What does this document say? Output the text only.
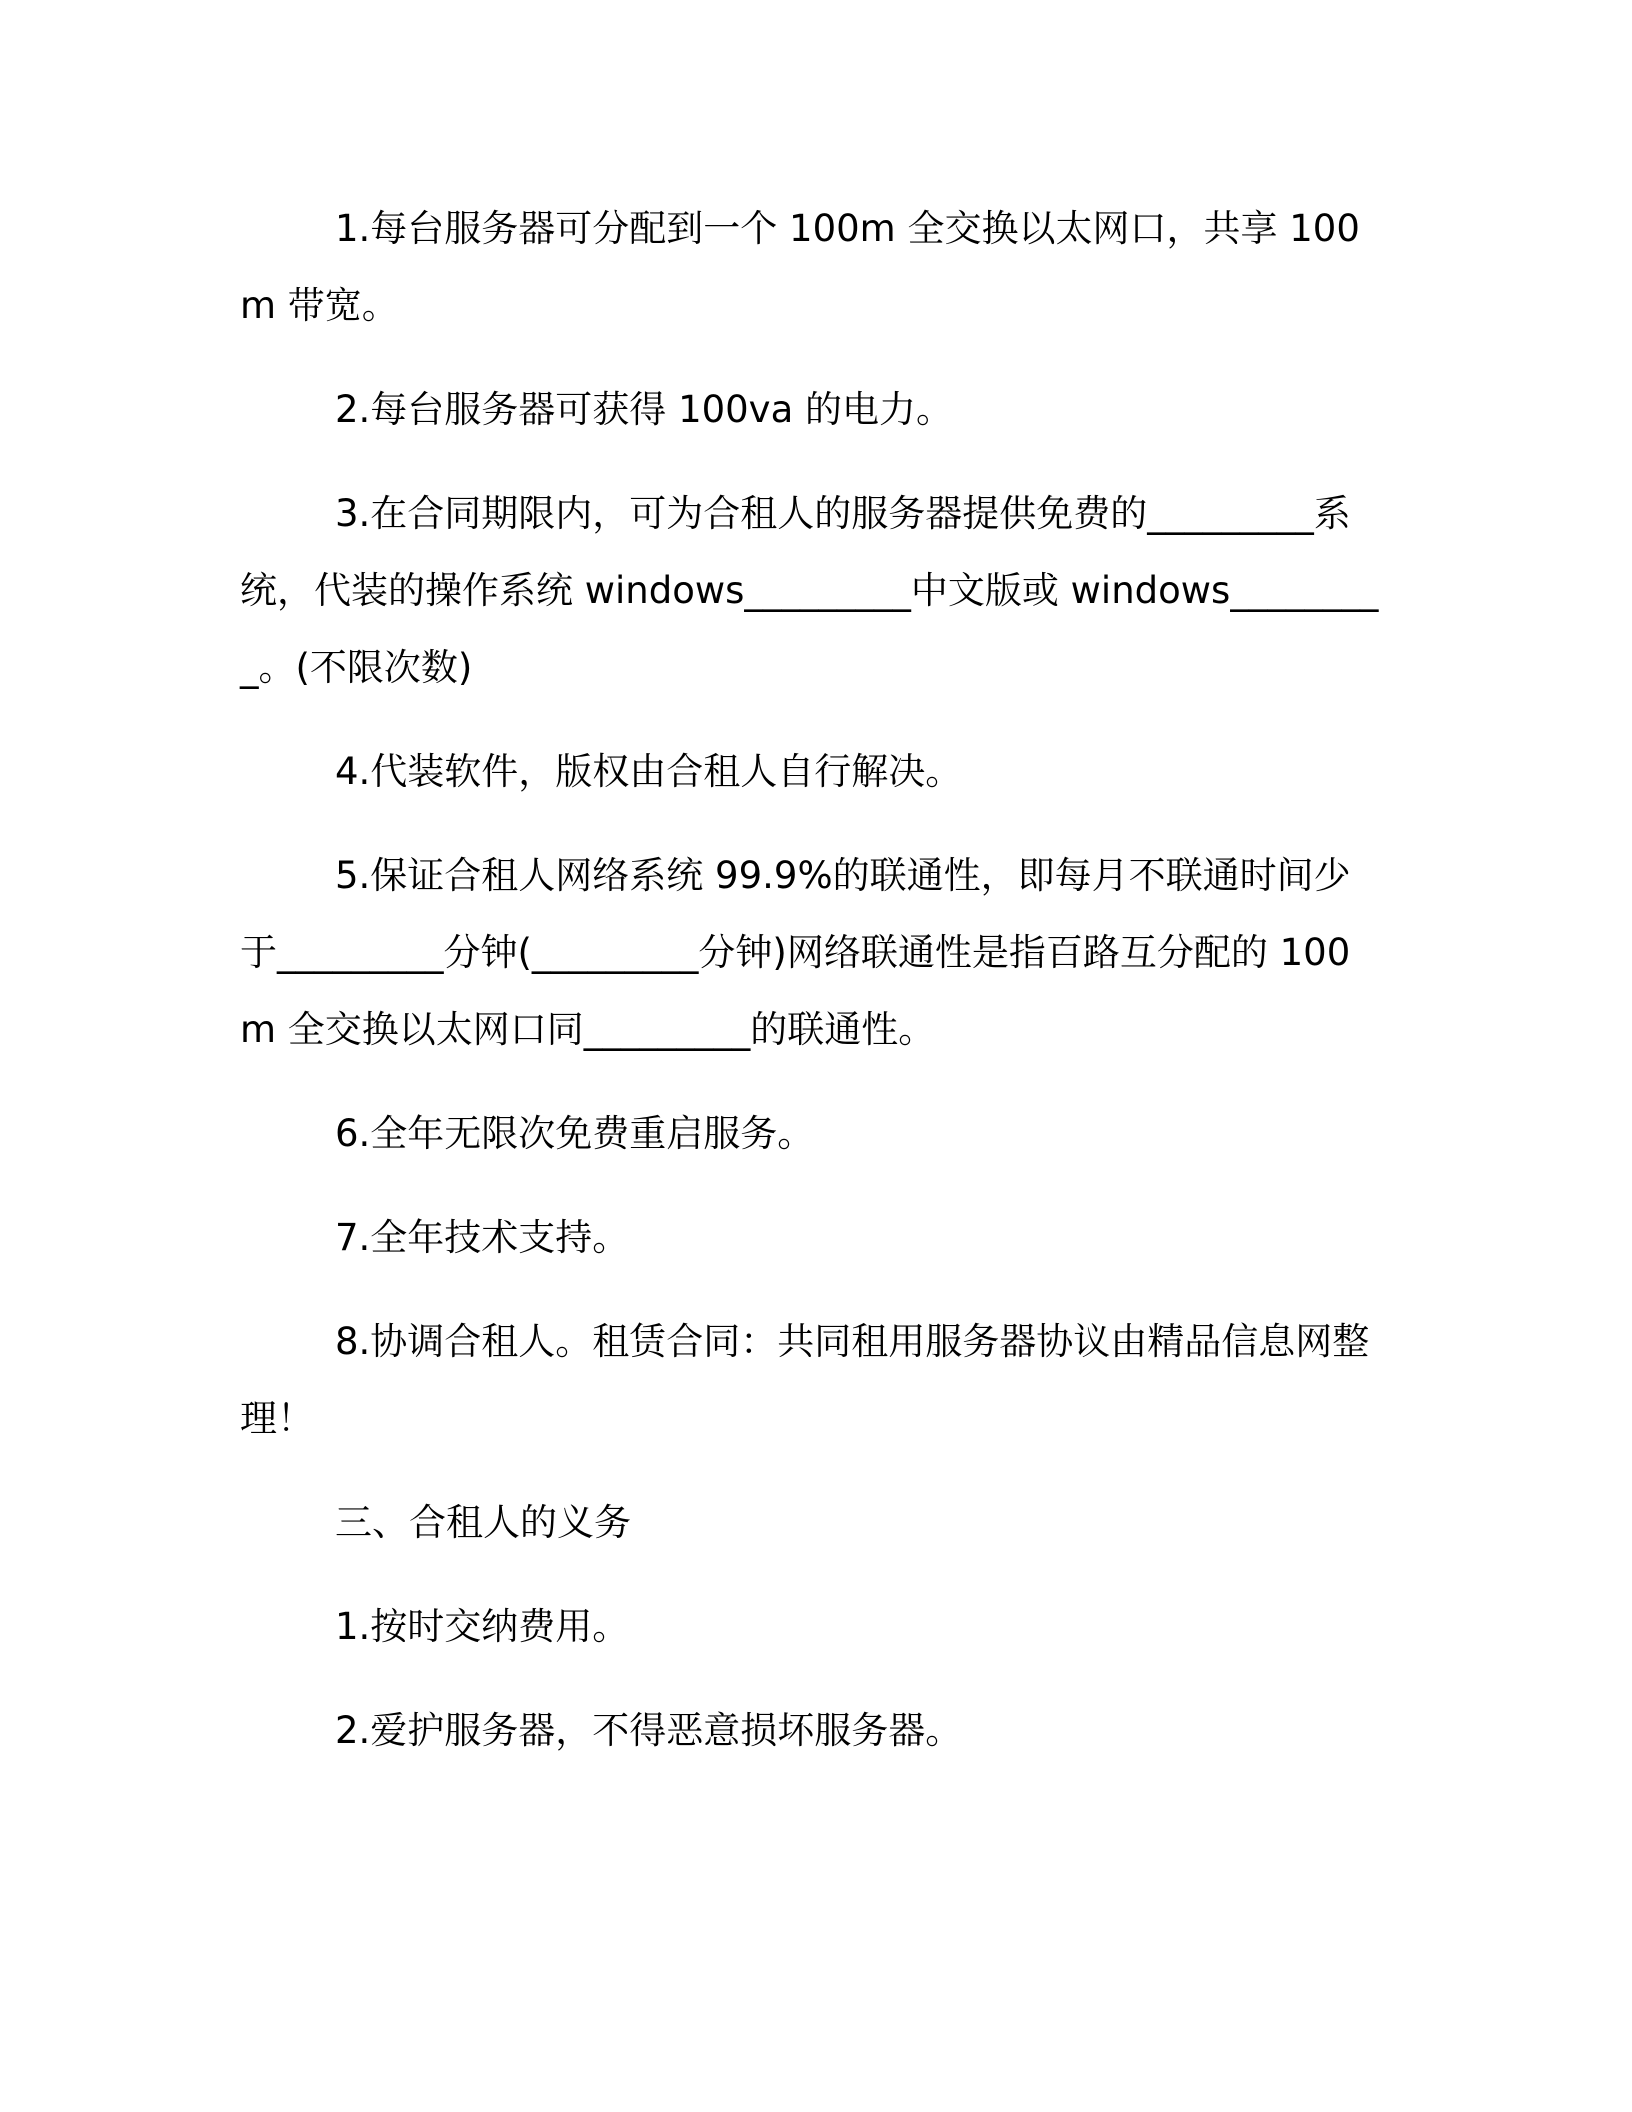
1.每台服务器可分配到一个 100m 全交换以太网口，共享 100m 带宽。

2.每台服务器可获得 100va 的电力。

3.在合同期限内，可为合租人的服务器提供免费的_________系统，代装的操作系统 windows_________中文版或 windows_________。(不限次数)

4.代装软件，版权由合租人自行解决。

5.保证合租人网络系统 99.9%的联通性，即每月不联通时间少于_________分钟(_________分钟)网络联通性是指百路互分配的 100m 全交换以太网口同_________的联通性。

6.全年无限次免费重启服务。

7.全年技术支持。

8.协调合租人。租赁合同：共同租用服务器协议由精品信息网整理！

三、合租人的义务

1.按时交纳费用。

2.爱护服务器，不得恶意损坏服务器。
